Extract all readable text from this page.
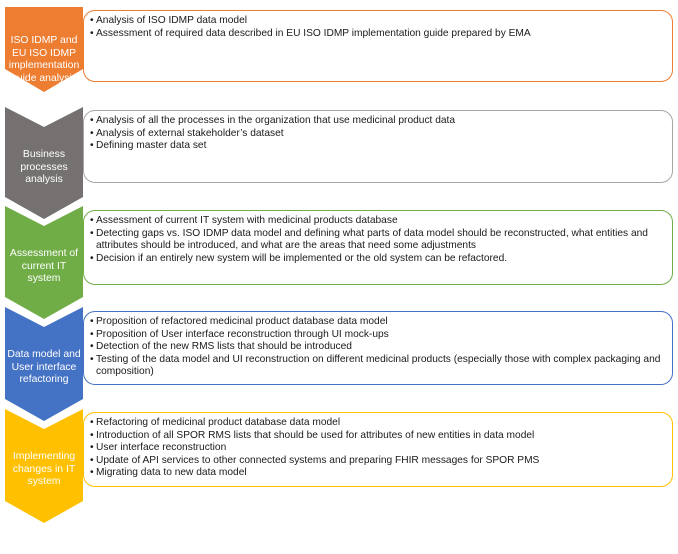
ISO IDMP and
EU ISO IDMP
implementation
guide analysis
• Analysis of ISO IDMP data model
• Assessment of required data described in EU ISO IDMP implementation guide prepared by EMA
Business
processes
analysis
• Analysis of all the processes in the organization that use medicinal product data
• Analysis of external stakeholder’s dataset
• Defining master data set
Assessment of
current IT
system
• Assessment of current IT system with medicinal products database
• Detecting gaps vs. ISO IDMP data model and defining what parts of data model should be reconstructed, what entities and attributes should be introduced, and what are the areas that need some adjustments
• Decision if an entirely new system will be implemented or the old system can be refactored.
Data model and
User interface
refactoring
• Proposition of refactored medicinal product database data model
• Proposition of User interface reconstruction through UI mock-ups
• Detection of the new RMS lists that should be introduced
• Testing of the data model and UI reconstruction on different medicinal products (especially those with complex packaging and composition)
Implementing
changes in IT
system
• Refactoring of medicinal product database data model
• Introduction of all SPOR RMS lists that should be used for attributes of new entities in data model
• User interface reconstruction
• Update of API services to other connected systems and preparing FHIR messages for SPOR PMS
• Migrating data to new data model
